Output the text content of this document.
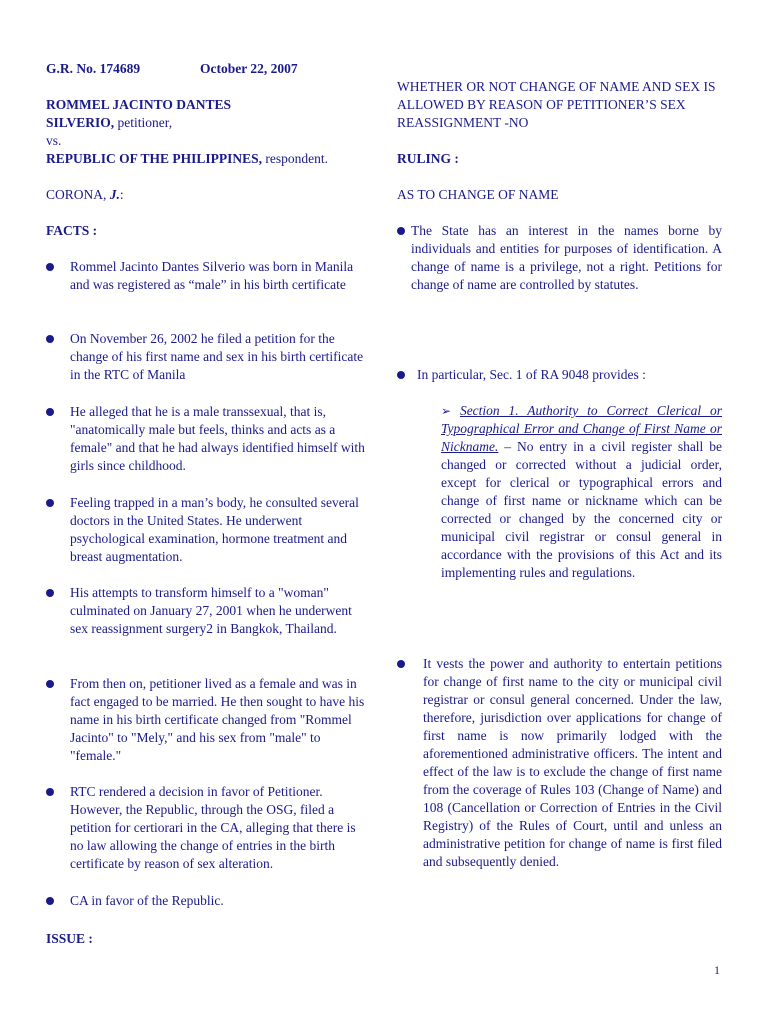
G.R. No. 174689	October 22, 2007
ROMMEL JACINTO DANTES
SILVERIO, petitioner,
vs.
REPUBLIC OF THE PHILIPPINES, respondent.
CORONA, J.:
FACTS :
Rommel Jacinto Dantes Silverio was born in Manila and was registered as “male” in his birth certificate
On November 26, 2002 he filed a petition for the change of his first name and sex in his birth certificate in the RTC of Manila
He alleged that he is a male transsexual, that is, "anatomically male but feels, thinks and acts as a female" and that he had always identified himself with girls since childhood.
Feeling trapped in a man’s body, he consulted several doctors in the United States. He underwent psychological examination, hormone treatment and breast augmentation.
His attempts to transform himself to a "woman" culminated on January 27, 2001 when he underwent sex reassignment surgery2 in Bangkok, Thailand.
From then on, petitioner lived as a female and was in fact engaged to be married. He then sought to have his name in his birth certificate changed from "Rommel Jacinto" to "Mely," and his sex from "male" to "female."
RTC rendered a decision in favor of Petitioner. However, the Republic, through the OSG, filed a petition for certiorari in the CA, alleging that there is no law allowing the change of entries in the birth certificate by reason of sex alteration.
CA in favor of the Republic.
ISSUE :
WHETHER OR NOT CHANGE OF NAME AND SEX IS ALLOWED BY REASON OF PETITIONER’S SEX REASSIGNMENT -NO
RULING :
AS TO CHANGE OF NAME
The State has an interest in the names borne by individuals and entities for purposes of identification. A change of name is a privilege, not a right. Petitions for change of name are controlled by statutes.
In particular, Sec. 1 of RA 9048 provides :
➢ Section 1. Authority to Correct Clerical or Typographical Error and Change of First Name or Nickname. – No entry in a civil register shall be changed or corrected without a judicial order, except for clerical or typographical errors and change of first name or nickname which can be corrected or changed by the concerned city or municipal civil registrar or consul general in accordance with the provisions of this Act and its implementing rules and regulations.
It vests the power and authority to entertain petitions for change of first name to the city or municipal civil registrar or consul general concerned. Under the law, therefore, jurisdiction over applications for change of first name is now primarily lodged with the aforementioned administrative officers. The intent and effect of the law is to exclude the change of first name from the coverage of Rules 103 (Change of Name) and 108 (Cancellation or Correction of Entries in the Civil Registry) of the Rules of Court, until and unless an administrative petition for change of name is first filed and subsequently denied.
1
